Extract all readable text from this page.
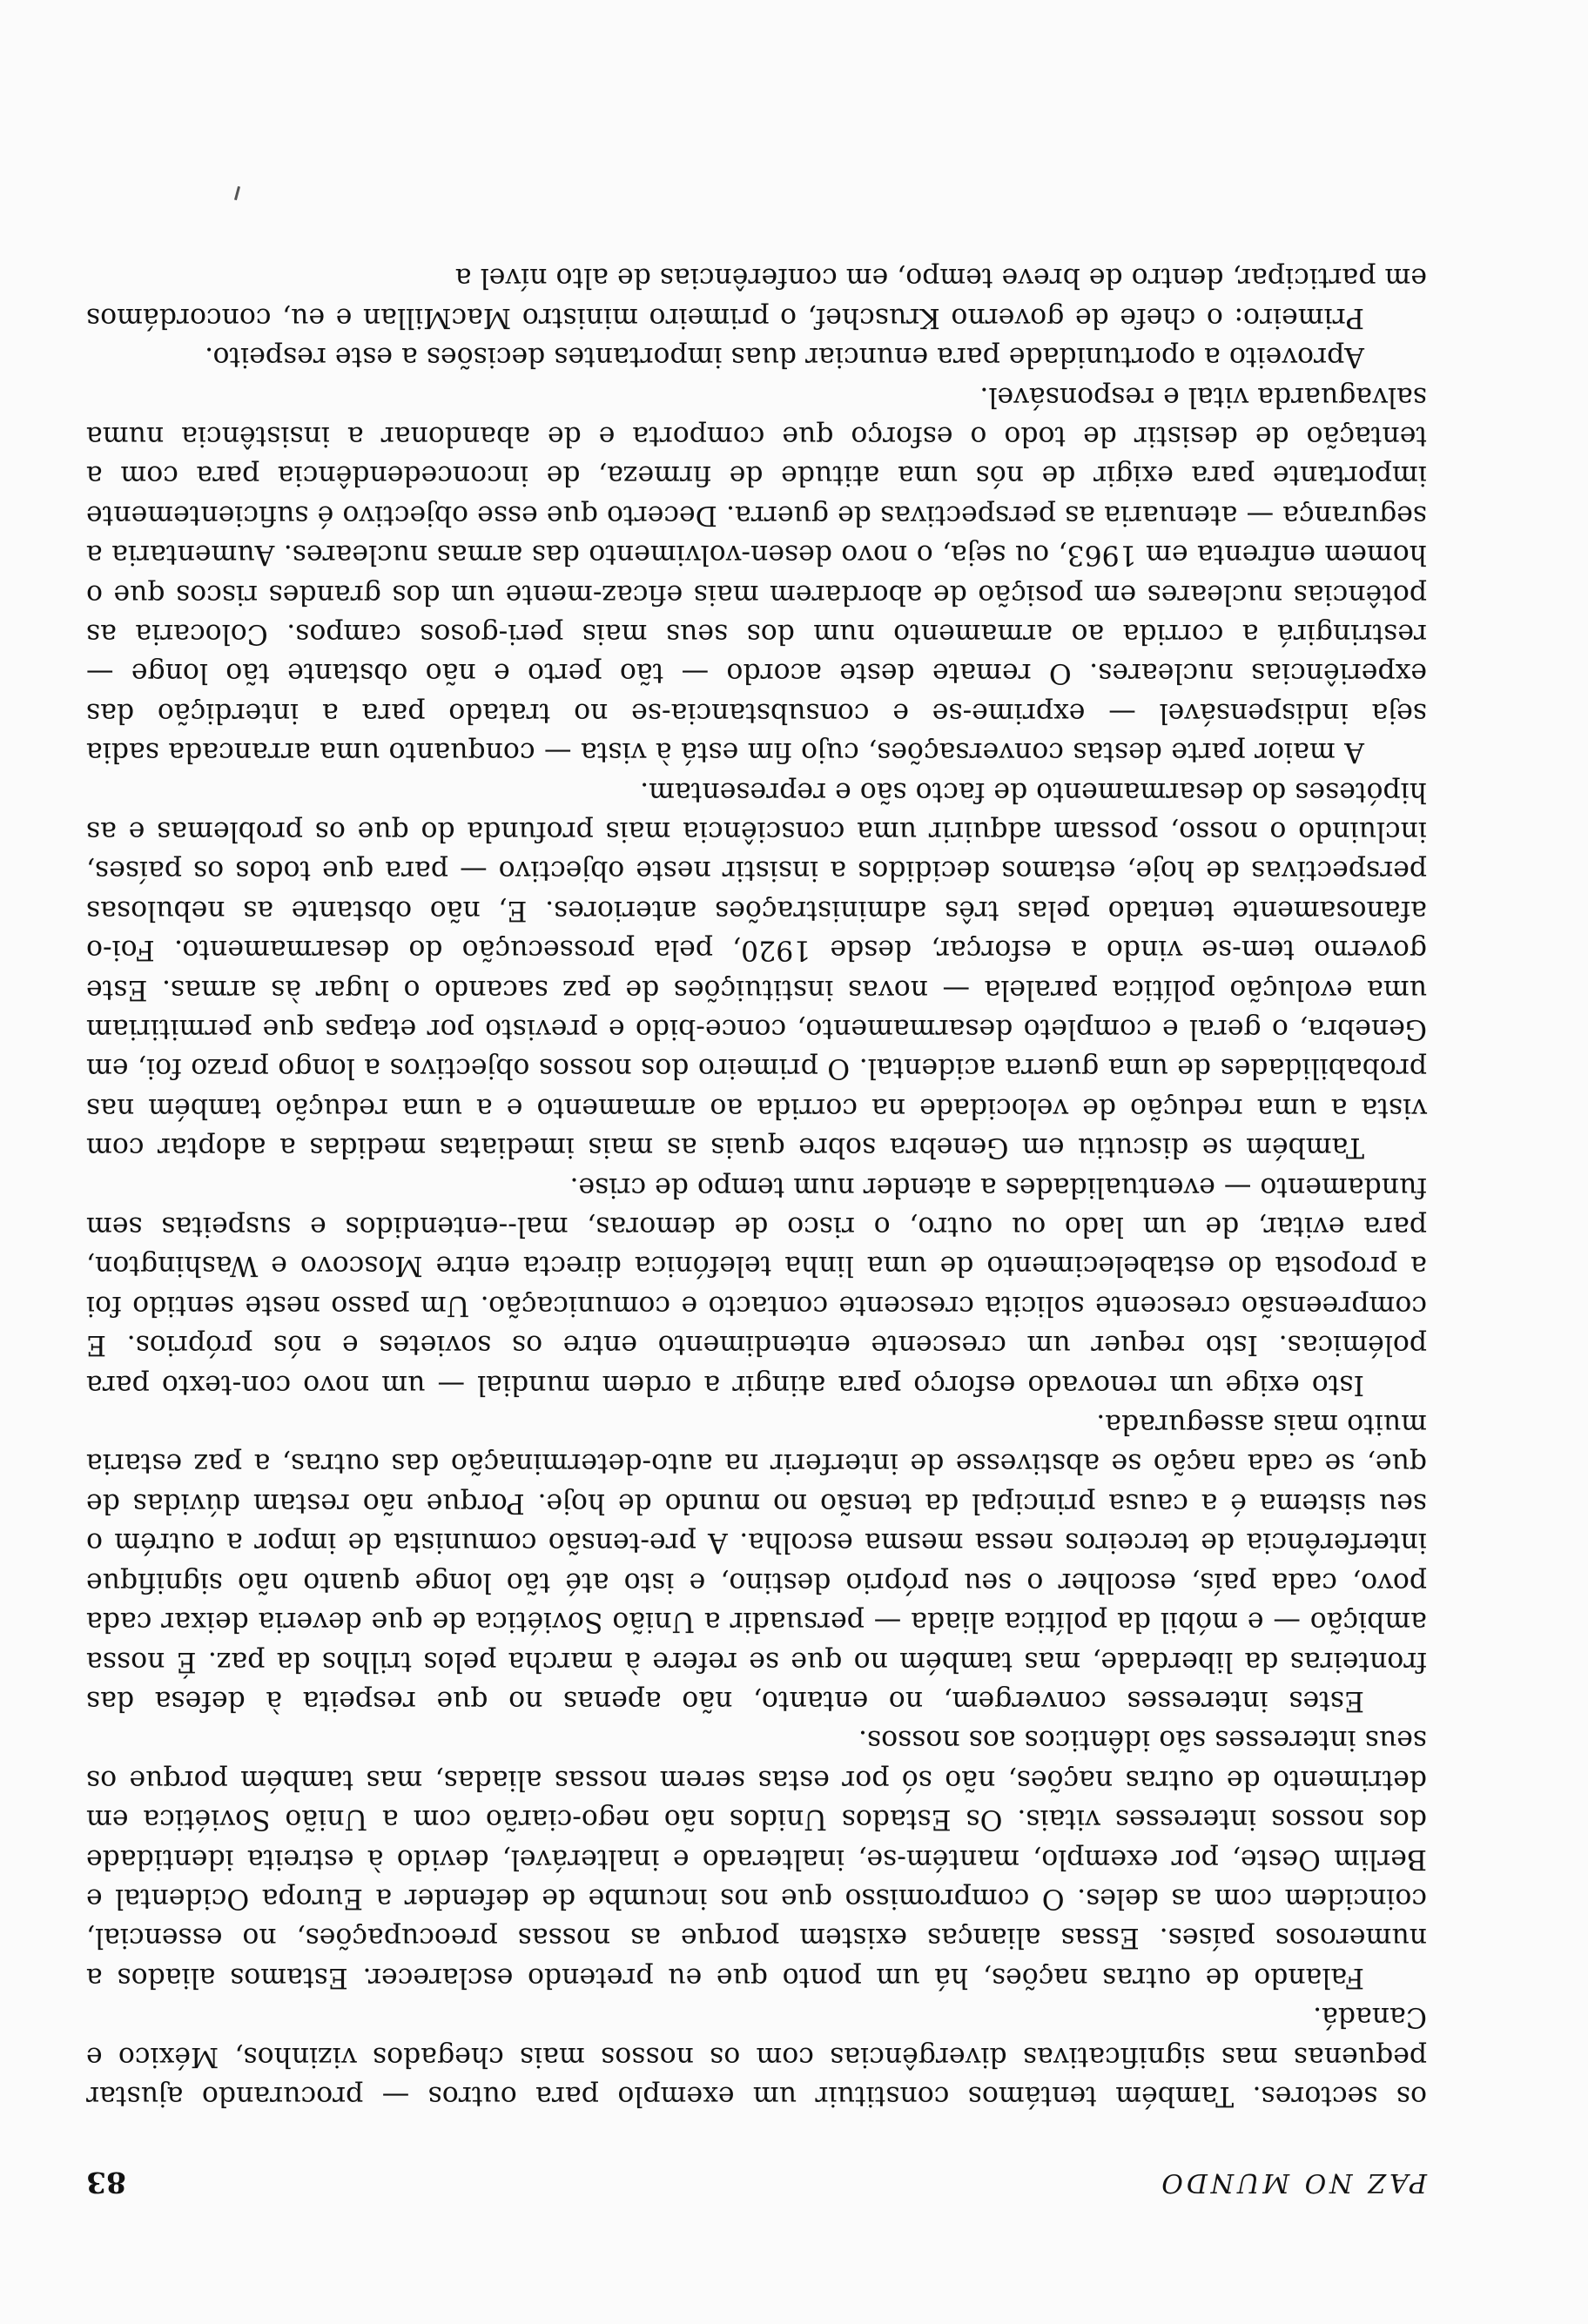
PAZ NO MUNDO
83

os sectores. Também tentámos constituir um exemplo para outros — procurando ajustar pequenas mas significativas divergências com os nossos mais chegados vizinhos, México e Canadá.

Falando de outras nações, há um ponto que eu pretendo esclarecer. Estamos aliados a numerosos países. Essas alianças existem porque as nossas preocupações, no essencial, coincidem com as deles. O compromisso que nos incumbe de defender a Europa Ocidental e Berlim Oeste, por exemplo, mantém-se, inalterado e inalterável, devido à estreita identidade dos nossos interesses vitais. Os Estados Unidos não nego-ciarão com a União Soviética em detrimento de outras nações, não só por estas serem nossas aliadas, mas também porque os seus interesses são idênticos aos nossos.

Estes interesses convergem, no entanto, não apenas no que respeita à defesa das fronteiras da liberdade, mas também no que se refere à marcha pelos trilhos da paz. É nossa ambição — e móbil da política aliada — persuadir a União Soviética de que deveria deixar cada povo, cada país, escolher o seu próprio destino, e isto até tão longe quanto não signifique interferência de terceiros nessa mesma escolha. A pre-tensão comunista de impor a outrém o seu sistema é a causa principal da tensão no mundo de hoje. Porque não restam dúvidas de que, se cada nação se abstivesse de interferir na auto-determinação das outras, a paz estaria muito mais assegurada.

Isto exige um renovado esforço para atingir a ordem mundial — um novo con-texto para polémicas. Isto requer um crescente entendimento entre os sovietes e nós próprios. E compreensão crescente solicita crescente contacto e comunicação. Um passo neste sentido foi a proposta do estabelecimento de uma linha telefónica directa entre Moscovo e Washington, para evitar, de um lado ou outro, o risco de demoras, mal--entendidos e suspeitas sem fundamento — eventualidades a atender num tempo de crise.

Também se discutiu em Genebra sobre quais as mais imediatas medidas a adoptar com vista a uma redução de velocidade na corrida ao armamento e a uma redução também nas probabilidades de uma guerra acidental. O primeiro dos nossos objectivos a longo prazo foi, em Genebra, o geral e completo desarmamento, conce-bido e previsto por etapas que permitiriam uma evolução política paralela — novas instituições de paz sacando o lugar às armas. Este governo tem-se vindo a esforçar, desde 1920, pela prossecução do desarmamento. Foi-o afanosamente tentado pelas três administrações anteriores. E, não obstante as nebulosas perspectivas de hoje, estamos decididos a insistir neste objectivo — para que todos os países, incluindo o nosso, possam adquirir uma consciência mais profunda do que os problemas e as hipóteses do desarmamento de facto são e representam.

A maior parte destas conversações, cujo fim está à vista — conquanto uma arrancada sadia seja indispensável — exprime-se e consubstancia-se no tratado para a interdição das experiências nucleares. O remate deste acordo — tão perto e não obstante tão longe — restringirá a corrida ao armamento num dos seus mais peri-gosos campos. Colocaria as potências nucleares em posição de abordarem mais eficaz-mente um dos grandes riscos que o homem enfrenta em 1963, ou seja, o novo desen-volvimento das armas nucleares. Aumentaria a segurança — atenuaria as perspectivas de guerra. Decerto que esse objectivo é suficientemente importante para exigir de nós uma atitude de firmeza, de inconcedendência para com a tentação de desistir de todo o esforço que comporta e de abandonar a insistência numa salvaguarda vital e responsável.

Aproveito a oportunidade para enunciar duas importantes decisões a este respeito.

Primeiro: o chefe de governo Kruschef, o primeiro ministro MacMillan e eu, concordámos em participar, dentro de breve tempo, em conferências de alto nível a
